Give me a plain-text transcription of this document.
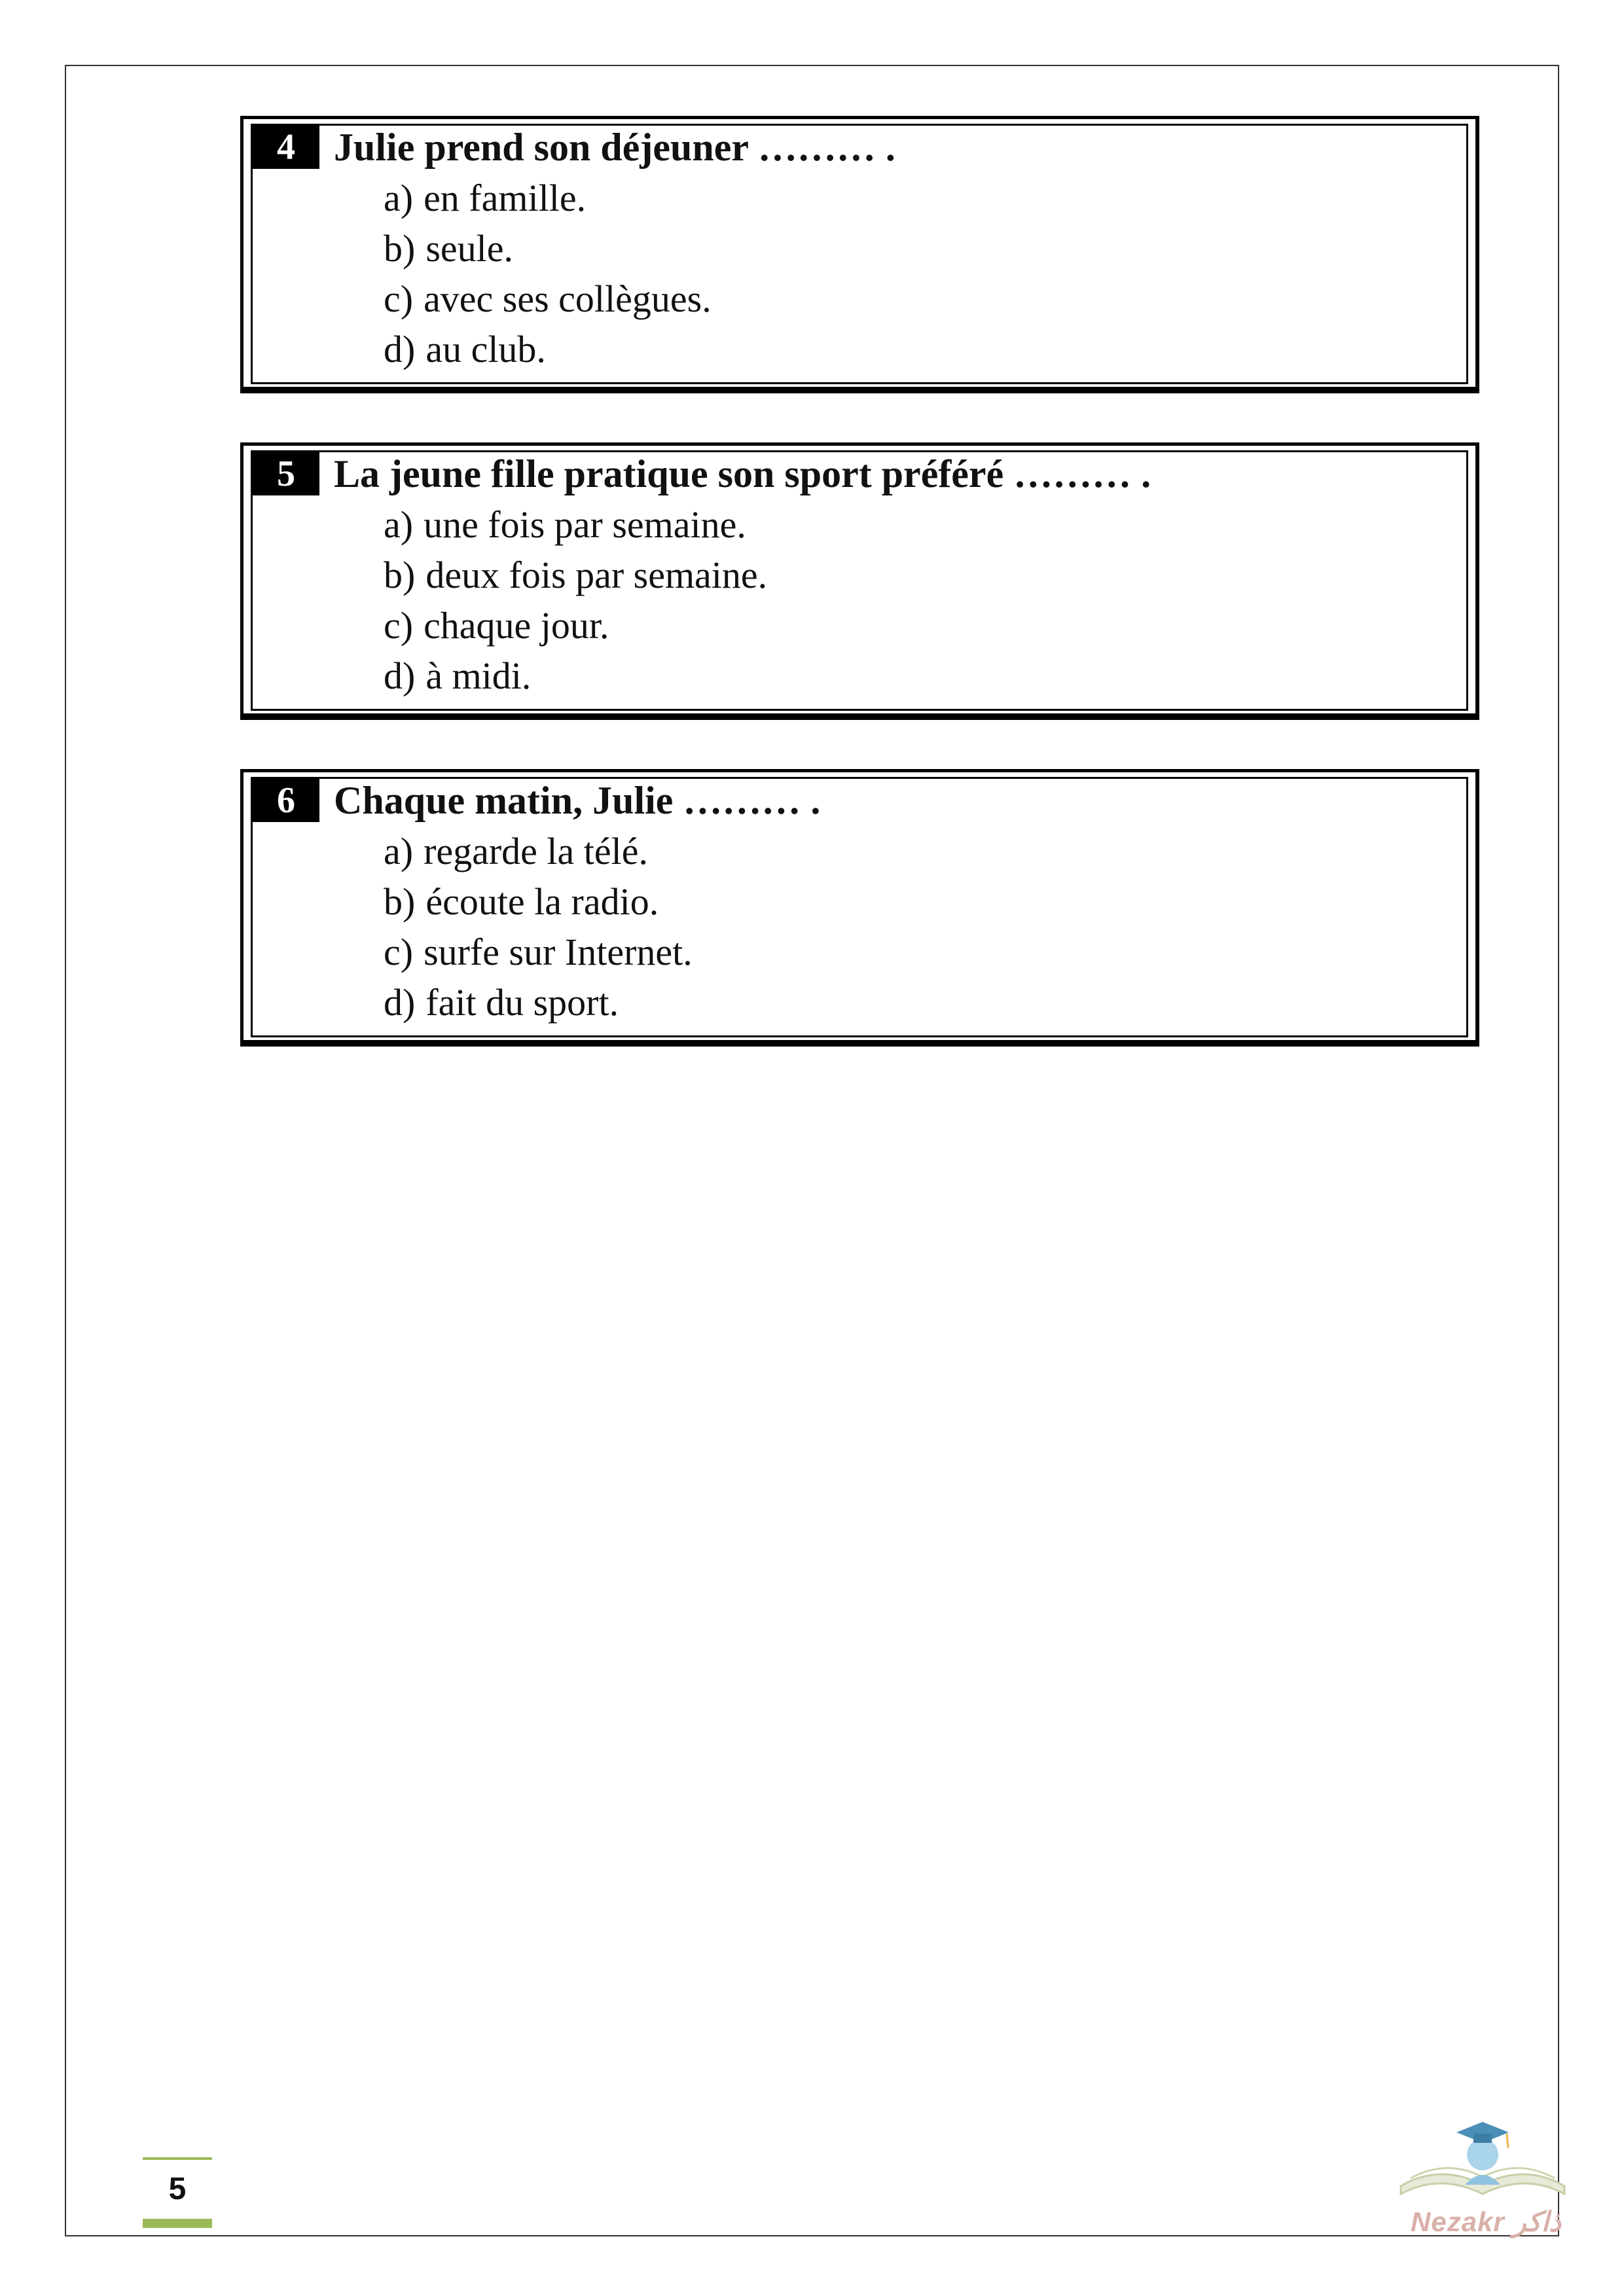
4 Julie prend son déjeuner ……… .
a) en famille.
b) seule.
c) avec ses collègues.
d) au club.
5 La jeune fille pratique son sport préféré ……… .
a) une fois par semaine.
b) deux fois par semaine.
c) chaque jour.
d) à midi.
6 Chaque matin, Julie ……… .
a) regarde la télé.
b) écoute la radio.
c) surfe sur Internet.
d) fait du sport.
5
Nezakr ذاكر
